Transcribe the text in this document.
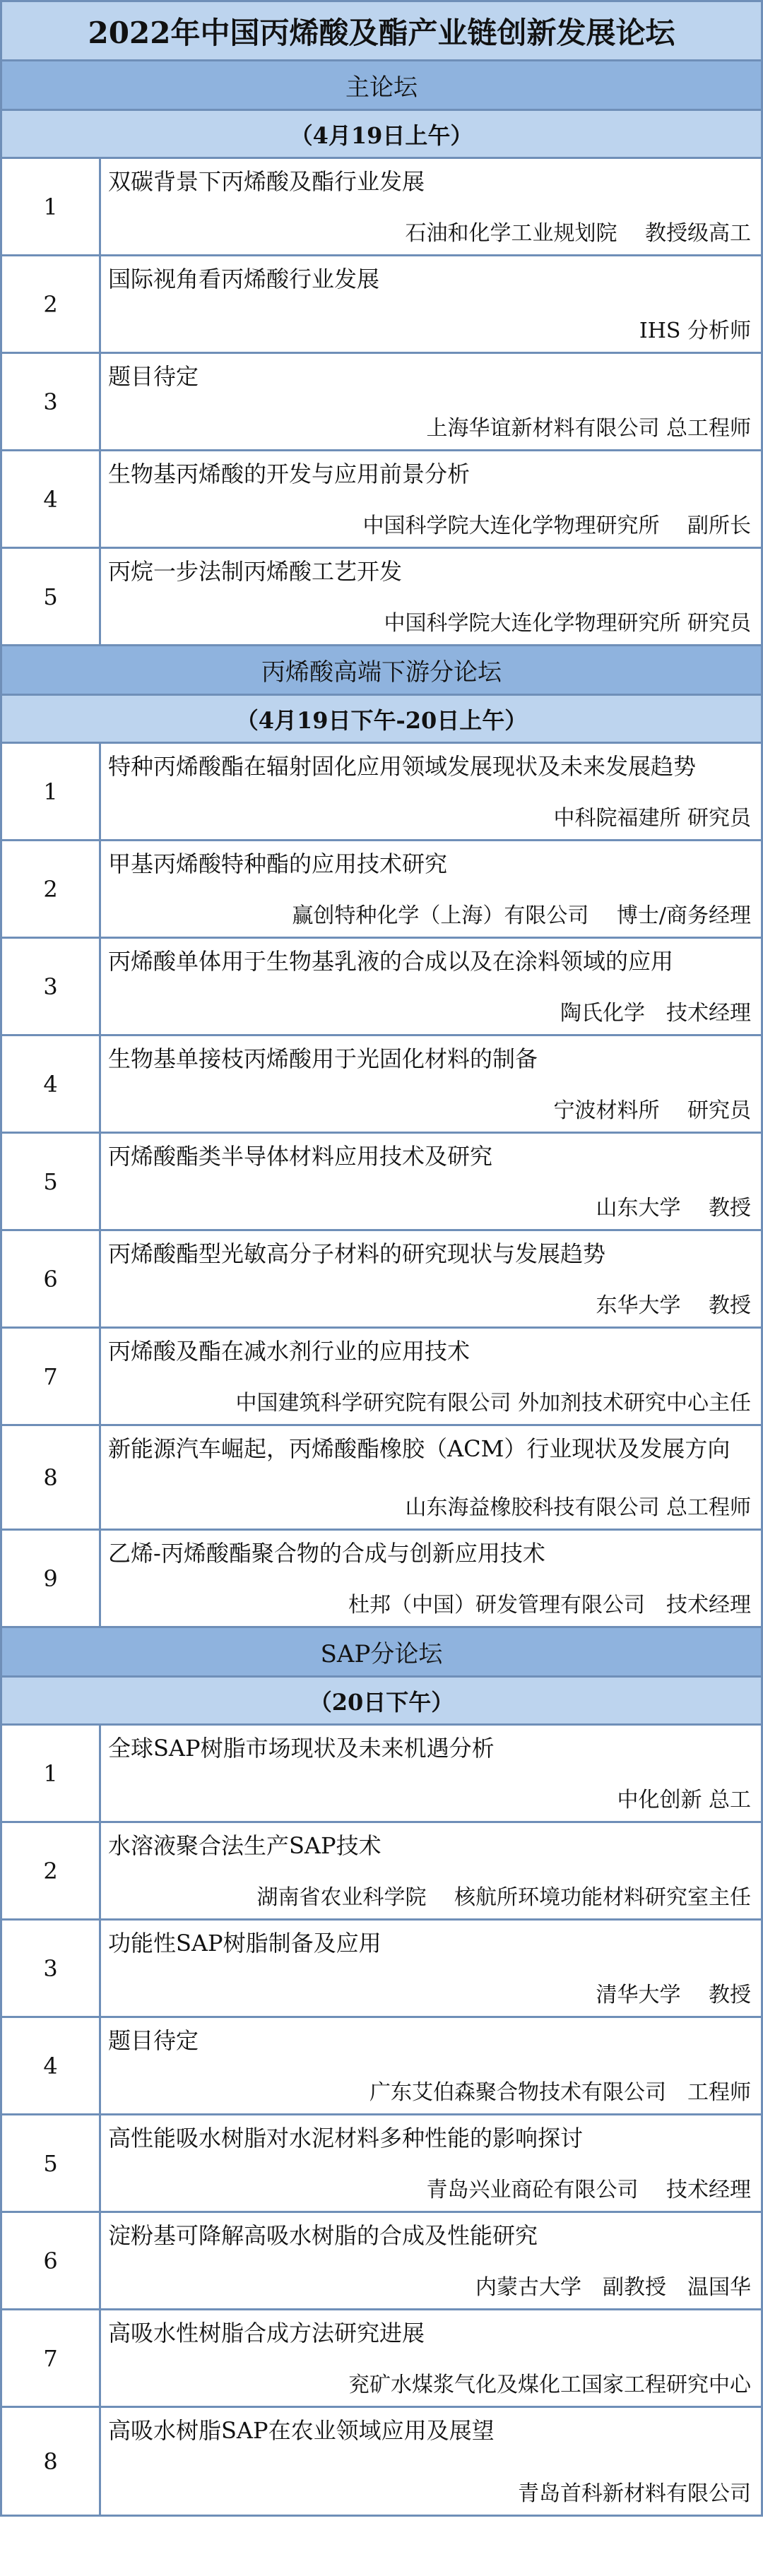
2022年中国丙烯酸及酯产业链创新发展论坛
主论坛
（4月19日上午）
1
双碳背景下丙烯酸及酯行业发展
石油和化学工业规划院　 教授级高工
2
国际视角看丙烯酸行业发展
IHS 分析师
3
题目待定
上海华谊新材料有限公司 总工程师
4
生物基丙烯酸的开发与应用前景分析
中国科学院大连化学物理研究所　 副所长
5
丙烷一步法制丙烯酸工艺开发
中国科学院大连化学物理研究所 研究员
丙烯酸高端下游分论坛
（4月19日下午-20日上午）
1
特种丙烯酸酯在辐射固化应用领域发展现状及未来发展趋势
中科院福建所 研究员
2
甲基丙烯酸特种酯的应用技术研究
赢创特种化学（上海）有限公司　 博士/商务经理
3
丙烯酸单体用于生物基乳液的合成以及在涂料领域的应用
陶氏化学　技术经理
4
生物基单接枝丙烯酸用于光固化材料的制备
宁波材料所　 研究员
5
丙烯酸酯类半导体材料应用技术及研究
山东大学　 教授
6
丙烯酸酯型光敏高分子材料的研究现状与发展趋势
东华大学　 教授
7
丙烯酸及酯在减水剂行业的应用技术
中国建筑科学研究院有限公司 外加剂技术研究中心主任
8
新能源汽车崛起，丙烯酸酯橡胶（ACM）行业现状及发展方向
山东海益橡胶科技有限公司 总工程师
9
乙烯-丙烯酸酯聚合物的合成与创新应用技术
杜邦（中国）研发管理有限公司　技术经理
SAP分论坛
（20日下午）
1
全球SAP树脂市场现状及未来机遇分析
中化创新 总工
2
水溶液聚合法生产SAP技术
湖南省农业科学院　 核航所环境功能材料研究室主任
3
功能性SAP树脂制备及应用
清华大学　 教授
4
题目待定
广东艾伯森聚合物技术有限公司　工程师
5
高性能吸水树脂对水泥材料多种性能的影响探讨
青岛兴业商砼有限公司　 技术经理
6
淀粉基可降解高吸水树脂的合成及性能研究
内蒙古大学　副教授　温国华
7
高吸水性树脂合成方法研究进展
兖矿水煤浆气化及煤化工国家工程研究中心
8
高吸水树脂SAP在农业领域应用及展望
青岛首科新材料有限公司
